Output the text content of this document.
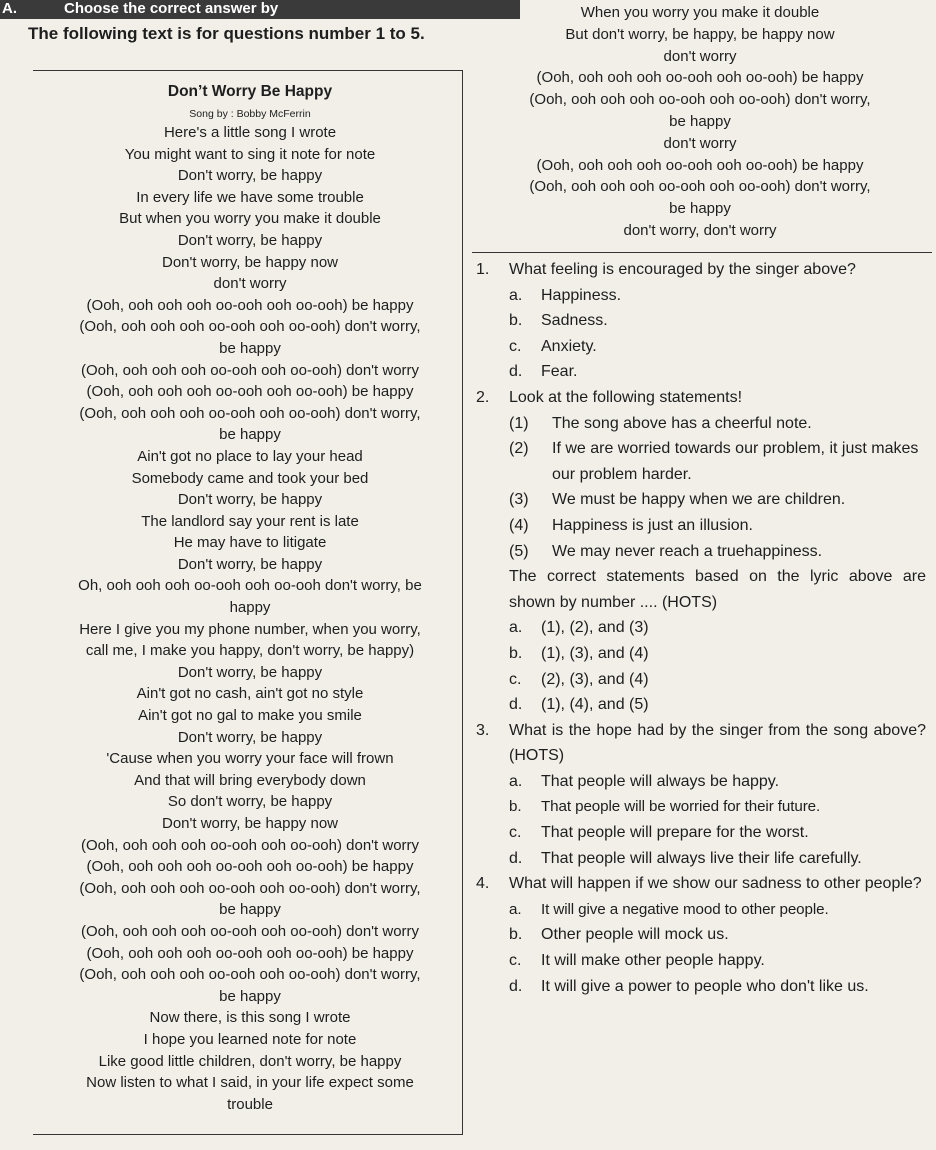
A.	Choose the correct answer by
The following text is for questions number 1 to 5.
Don’t Worry Be Happy
Song by : Bobby McFerrin
Here's a little song I wrote
You might want to sing it note for note
Don't worry, be happy
In every life we have some trouble
But when you worry you make it double
Don't worry, be happy
Don't worry, be happy now
don't worry
(Ooh, ooh ooh ooh oo-ooh ooh oo-ooh) be happy
(Ooh, ooh ooh ooh oo-ooh ooh oo-ooh) don't worry,
be happy
(Ooh, ooh ooh ooh oo-ooh ooh oo-ooh) don't worry
(Ooh, ooh ooh ooh oo-ooh ooh oo-ooh) be happy
(Ooh, ooh ooh ooh oo-ooh ooh oo-ooh) don't worry,
be happy
Ain't got no place to lay your head
Somebody came and took your bed
Don't worry, be happy
The landlord say your rent is late
He may have to litigate
Don't worry, be happy
Oh, ooh ooh ooh oo-ooh ooh oo-ooh don't worry, be
happy
Here I give you my phone number, when you worry,
call me, I make you happy, don't worry, be happy)
Don't worry, be happy
Ain't got no cash, ain't got no style
Ain't got no gal to make you smile
Don't worry, be happy
'Cause when you worry your face will frown
And that will bring everybody down
So don't worry, be happy
Don't worry, be happy now
(Ooh, ooh ooh ooh oo-ooh ooh oo-ooh) don't worry
(Ooh, ooh ooh ooh oo-ooh ooh oo-ooh) be happy
(Ooh, ooh ooh ooh oo-ooh ooh oo-ooh) don't worry,
be happy
(Ooh, ooh ooh ooh oo-ooh ooh oo-ooh) don't worry
(Ooh, ooh ooh ooh oo-ooh ooh oo-ooh) be happy
(Ooh, ooh ooh ooh oo-ooh ooh oo-ooh) don't worry,
be happy
Now there, is this song I wrote
I hope you learned note for note
Like good little children, don't worry, be happy
Now listen to what I said, in your life expect some
trouble
When you worry you make it double
But don't worry, be happy, be happy now
don't worry
(Ooh, ooh ooh ooh oo-ooh ooh oo-ooh) be happy
(Ooh, ooh ooh ooh oo-ooh ooh oo-ooh) don't worry,
be happy
don't worry
(Ooh, ooh ooh ooh oo-ooh ooh oo-ooh) be happy
(Ooh, ooh ooh ooh oo-ooh ooh oo-ooh) don't worry,
be happy
don't worry, don't worry
1.	What feeling is encouraged by the singer above?
a.	Happiness.
b.	Sadness.
c.	Anxiety.
d.	Fear.
2.	Look at the following statements!
(1)	The song above has a cheerful note.
(2)	If we are worried towards our problem, it just makes our problem harder.
(3)	We must be happy when we are children.
(4)	Happiness is just an illusion.
(5)	We may never reach a truehappiness.
The correct statements based on the lyric above are shown by number .... (HOTS)
a.	(1), (2), and (3)
b.	(1), (3), and (4)
c.	(2), (3), and (4)
d.	(1), (4), and (5)
3.	What is the hope had by the singer from the song above? (HOTS)
a.	That people will always be happy.
b.	That people will be worried for their future.
c.	That people will prepare for the worst.
d.	That people will always live their life carefully.
4.	What will happen if we show our sadness to other people?
a.	It will give a negative mood to other people.
b.	Other people will mock us.
c.	It will make other people happy.
d.	It will give a power to people who don't like us.
